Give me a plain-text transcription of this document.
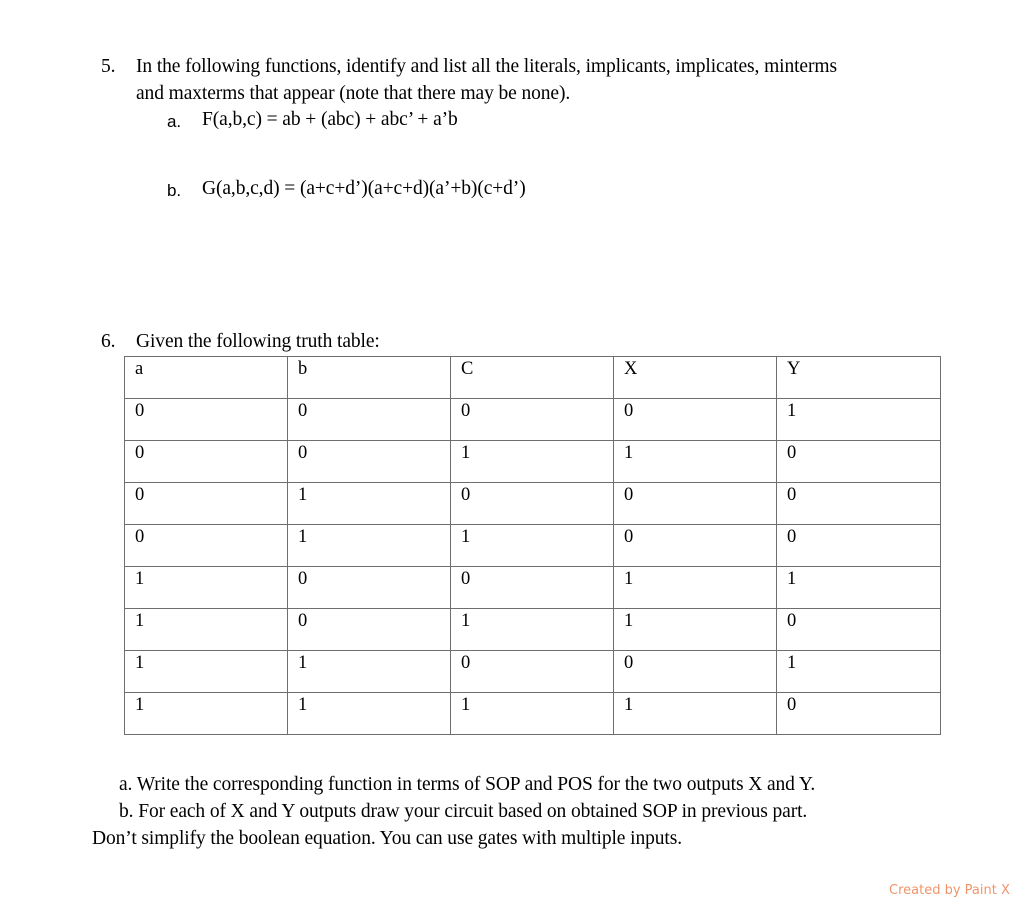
5. In the following functions, identify and list all the literals, implicants, implicates, minterms
and maxterms that appear (note that there may be none).
a. F(a,b,c) = ab + (abc) + abc’ + a’b
b. G(a,b,c,d) = (a+c+d’)(a+c+d)(a’+b)(c+d’)
6. Given the following truth table:
a	b	C	X	Y
0	0	0	0	1
0	0	1	1	0
0	1	0	0	0
0	1	1	0	0
1	0	0	1	1
1	0	1	1	0
1	1	0	0	1
1	1	1	1	0
a. Write the corresponding function in terms of SOP and POS for the two outputs X and Y.
b. For each of X and Y outputs draw your circuit based on obtained SOP in previous part.
Don’t simplify the boolean equation. You can use gates with multiple inputs.
Created by Paint X
